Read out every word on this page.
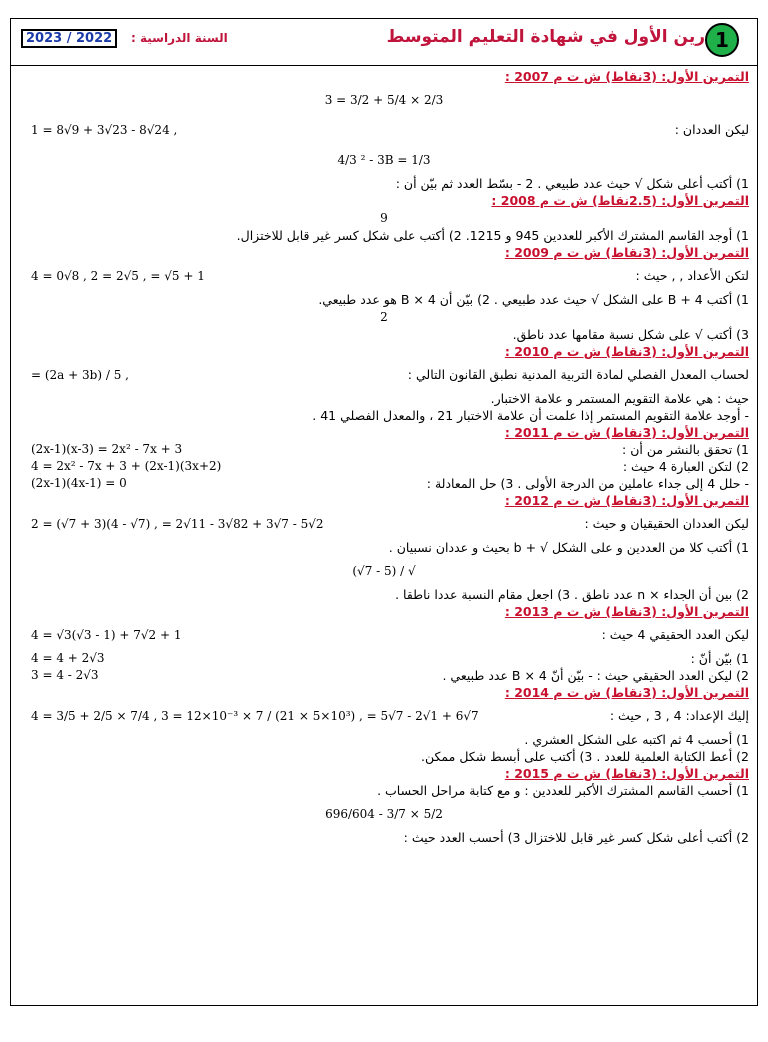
1
رين الأول في شهادة التعليم المتوسط
السنة الدراسية :
2023 / 2022
التمرين الأول: (3نقاط) ش ت م 2007 :
3 = 3/2 + 5/4 × 2/3
ليكن العددان :
1 = 8√9 + 3√23 - 8√24 ,
4/3 ² - 3B = 1/3
1) أكتب أعلى شكل √ حيث عدد طبيعي . 2 - بسّط العدد ثم بيّن أن :
التمرين الأول: (2.5نقاط) ش ت م 2008 :
9
1) أوجد القاسم المشترك الأكبر للعددين 945 و 1215. 2) أكتب على شكل كسر غير قابل للاختزال.
التمرين الأول: (3نقاط) ش ت م 2009 :
لتكن الأعداد , , حيث :
4 = 0√8 , 2 = 2√5 , = √5 + 1
1) أكتب 4 + B على الشكل √ حيث عدد طبيعي . 2) بيّن أن 4 × B هو عدد طبيعي.
2
3) أكتب √ على شكل نسبة مقامها عدد ناطق.
التمرين الأول: (3نقاط) ش ت م 2010 :
لحساب المعدل الفصلي لمادة التربية المدنية نطبق القانون التالي :
= (2a + 3b) / 5 ,
حيث : هي علامة التقويم المستمر و علامة الاختبار.
- أوجد علامة التقويم المستمر إذا علمت أن علامة الاختبار 21 ، والمعدل الفصلي 41 .
التمرين الأول: (3نقاط) ش ت م 2011 :
1) تحقق بالنشر من أن :
(2x-1)(x-3) = 2x² - 7x + 3
2) لتكن العبارة 4 حيث :
4 = 2x² - 7x + 3 + (2x-1)(3x+2)
- حلل 4 إلى جداء عاملين من الدرجة الأولى . 3) حل المعادلة :
(2x-1)(4x-1) = 0
التمرين الأول: (3نقاط) ش ت م 2012 :
ليكن العددان الحقيقيان و حيث :
2 = (√7 + 3)(4 - √7) , = 2√11 - 3√82 + 3√7 - 5√2
1) أكتب كلا من العددين و على الشكل √ + b بحيث و عددان نسبيان .
(√7 - 5) / √
2) بين أن الجداء × n عدد ناطق . 3) اجعل مقام النسبة عددا ناطقا .
التمرين الأول: (3نقاط) ش ت م 2013 :
ليكن العدد الحقيقي 4 حيث :
4 = √3(√3 - 1) + 7√2 + 1
1) بيّن أنّ :
4 = 4 + 2√3
2) ليكن العدد الحقيقي حيث : - بيّن أنّ 4 × B عدد طبيعي .
3 = 4 - 2√3
التمرين الأول: (3نقاط) ش ت م 2014 :
إليك الإعداد: 4 , 3 , حيث :
4 = 3/5 + 2/5 × 7/4 , 3 = 12×10⁻³ × 7 / (21 × 5×10³) , = 5√7 - 2√1 + 6√7
1) أحسب 4 ثم اكتبه على الشكل العشري .
2) أعط الكتابة العلمية للعدد . 3) أكتب على أبسط شكل ممكن.
التمرين الأول: (3نقاط) ش ت م 2015 :
1) أحسب القاسم المشترك الأكبر للعددين : و مع كتابة مراحل الحساب .
696/604 - 3/7 × 5/2
2) أكتب أعلى شكل كسر غير قابل للاختزال 3) أحسب العدد حيث :
